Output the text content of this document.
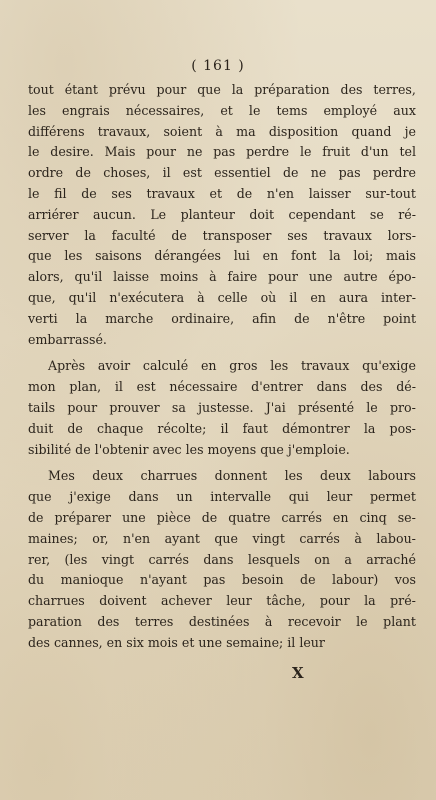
( 161 )
tout étant prévu pour que la préparation des terres,
les engrais nécessaires, et le tems employé aux
différens travaux, soient à ma disposition quand je
le desire. Mais pour ne pas perdre le fruit d'un tel
ordre de choses, il est essentiel de ne pas perdre
le fil de ses travaux et de n'en laisser sur-tout
arriérer aucun. Le planteur doit cependant se ré-
server la faculté de transposer ses travaux lors-
que les saisons dérangées lui en font la loi; mais
alors, qu'il laisse moins à faire pour une autre épo-
que, qu'il n'exécutera à celle où il en aura inter-
verti la marche ordinaire, afin de n'être point
embarrassé.
Après avoir calculé en gros les travaux qu'exige
mon plan, il est nécessaire d'entrer dans des dé-
tails pour prouver sa justesse. J'ai présenté le pro-
duit de chaque récolte; il faut démontrer la pos-
sibilité de l'obtenir avec les moyens que j'emploie.
Mes deux charrues donnent les deux labours
que j'exige dans un intervalle qui leur permet
de préparer une pièce de quatre carrés en cinq se-
maines; or, n'en ayant que vingt carrés à labou-
rer, (les vingt carrés dans lesquels on a arraché
du manioque n'ayant pas besoin de labour) vos
charrues doivent achever leur tâche, pour la pré-
paration des terres destinées à recevoir le plant
des cannes, en six mois et une semaine; il leur
X
